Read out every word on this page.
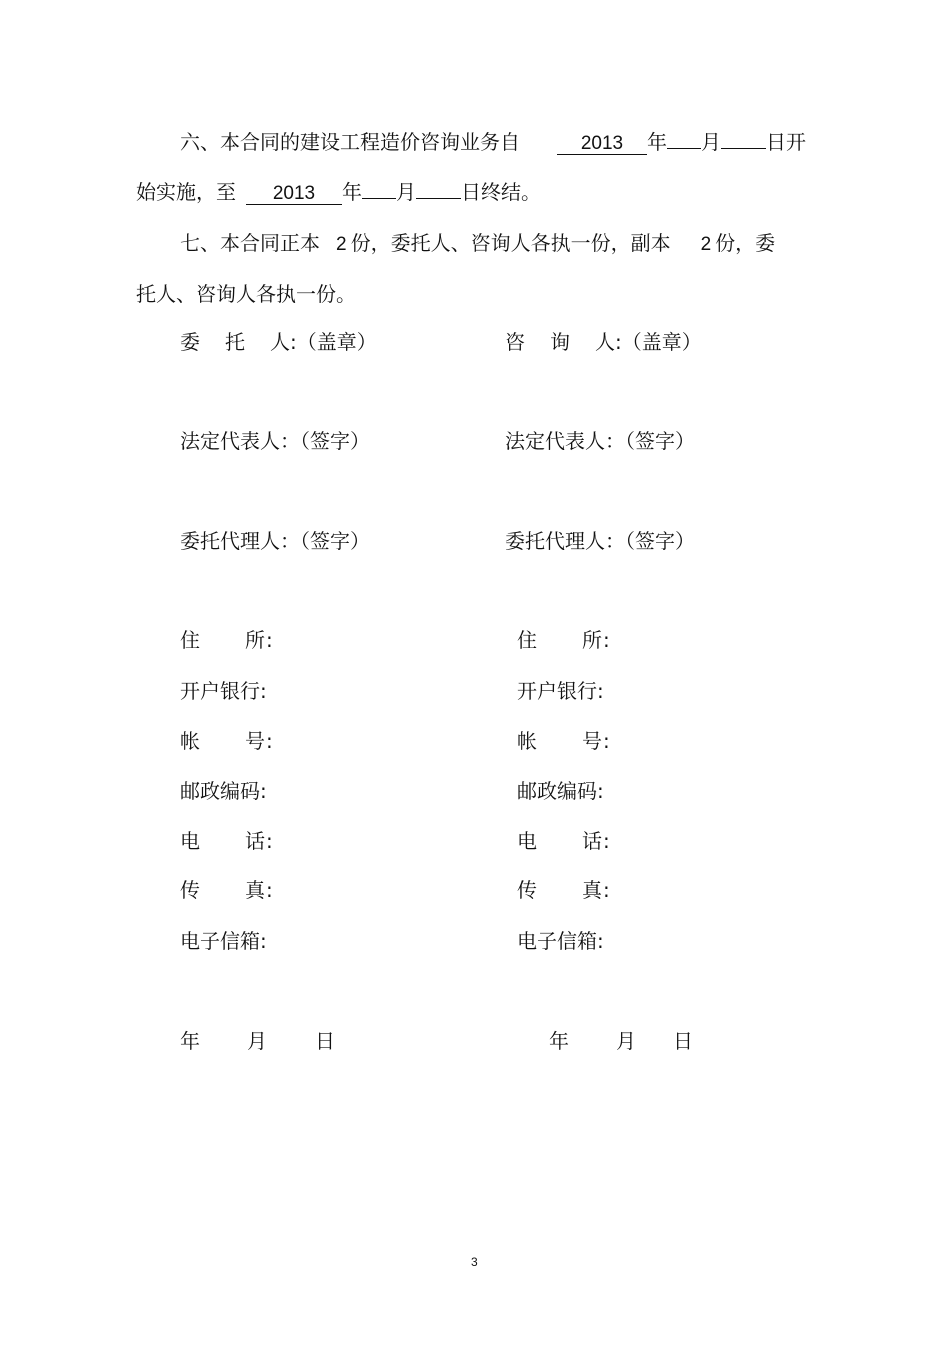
六、本合同的建设工程造价咨询业务自	2013 年 月 日开
始实施，至 2013 年 月 日终结。
七、本合同正本 2 份，委托人、咨询人各执一份，副本 2 份，委
托人、咨询人各执一份。
委 托 人 :（盖章）
法定代表人：（签字）
委托代理人：（签字）
咨 询 人 :（盖章）
法定代表人：（签字）
委托代理人：（签字）
住 所 :
开户银行:
帐 号 :
邮政编码:
电 话 :
传 真 :
电子信箱:
住 所 :
开户银行:
帐 号 :
邮政编码:
电 话 :
传 真 :
电子信箱:
年 月 日	年 月 日
3
